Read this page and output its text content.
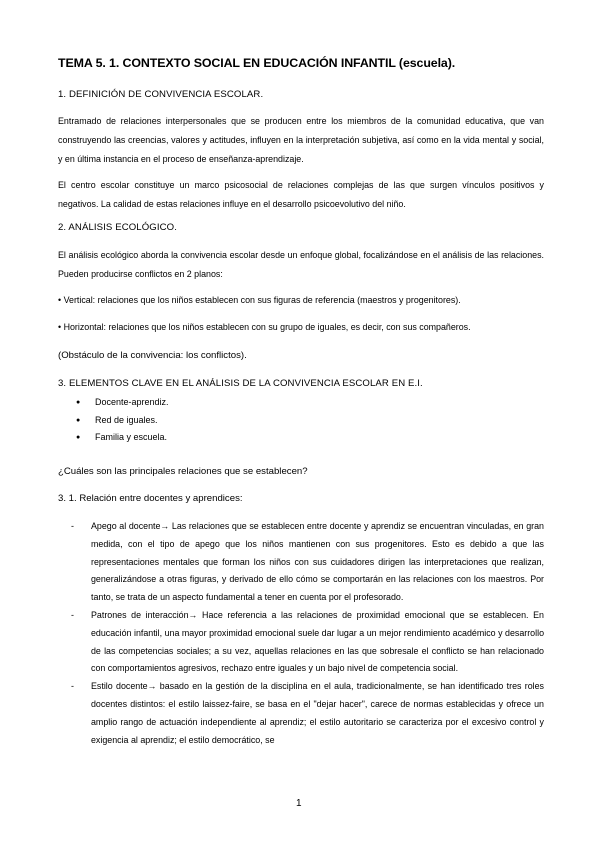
TEMA 5. 1. CONTEXTO SOCIAL EN EDUCACIÓN INFANTIL (escuela).
1. DEFINICIÓN DE CONVIVENCIA ESCOLAR.
Entramado de relaciones interpersonales que se producen entre los miembros de la comunidad educativa, que van construyendo las creencias, valores y actitudes, influyen en la interpretación subjetiva, así como en la vida mental y social, y en última instancia en el proceso de enseñanza-aprendizaje.
El centro escolar constituye un marco psicosocial de relaciones complejas de las que surgen vínculos positivos y negativos. La calidad de estas relaciones influye en el desarrollo psicoevolutivo del niño.
2. ANÁLISIS ECOLÓGICO.
El análisis ecológico aborda la convivencia escolar desde un enfoque global, focalizándose en el análisis de las relaciones. Pueden producirse conflictos en 2 planos:
• Vertical: relaciones que los niños establecen con sus figuras de referencia (maestros y progenitores).
• Horizontal: relaciones que los niños establecen con su grupo de iguales, es decir, con sus compañeros.
(Obstáculo de la convivencia: los conflictos).
3. ELEMENTOS CLAVE EN EL ANÁLISIS DE LA CONVIVENCIA ESCOLAR EN E.I.
● Docente-aprendiz.
● Red de iguales.
● Familia y escuela.
¿Cuáles son las principales relaciones que se establecen?
3. 1. Relación entre docentes y aprendices:
- Apego al docente→ Las relaciones que se establecen entre docente y aprendiz se encuentran vinculadas, en gran medida, con el tipo de apego que los niños mantienen con sus progenitores. Esto es debido a que las representaciones mentales que forman los niños con sus cuidadores dirigen las interpretaciones que realizan, generalizándose a otras figuras, y derivado de ello cómo se comportarán en las relaciones con los maestros. Por tanto, se trata de un aspecto fundamental a tener en cuenta por el profesorado.
- Patrones de interacción→ Hace referencia a las relaciones de proximidad emocional que se establecen. En educación infantil, una mayor proximidad emocional suele dar lugar a un mejor rendimiento académico y desarrollo de las competencias sociales; a su vez, aquellas relaciones en las que sobresale el conflicto se han relacionado con comportamientos agresivos, rechazo entre iguales y un bajo nivel de competencia social.
- Estilo docente→ basado en la gestión de la disciplina en el aula, tradicionalmente, se han identificado tres roles docentes distintos: el estilo laissez-faire, se basa en el "dejar hacer", carece de normas establecidas y ofrece un amplio rango de actuación independiente al aprendiz; el estilo autoritario se caracteriza por el excesivo control y exigencia al aprendiz; el estilo democrático, se
1
